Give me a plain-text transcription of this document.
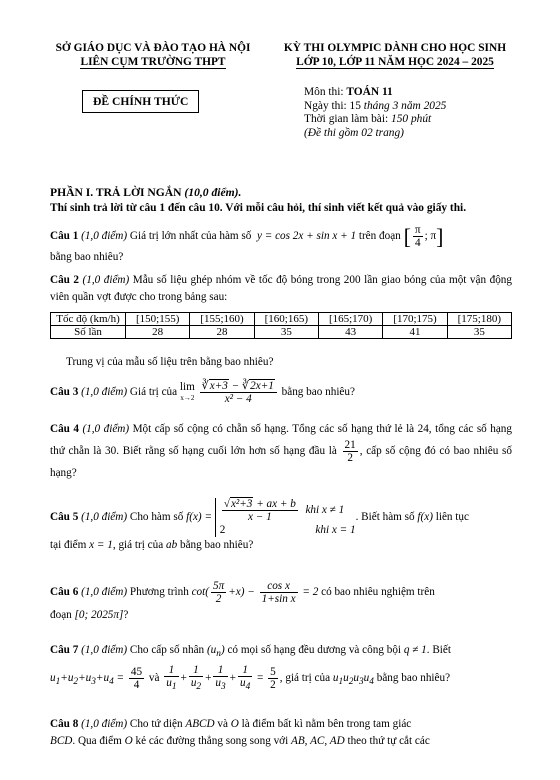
SỞ GIÁO DỤC VÀ ĐÀO TẠO HÀ NỘI
LIÊN CỤM TRƯỜNG THPT
KỲ THI OLYMPIC DÀNH CHO HỌC SINH
LỚP 10, LỚP 11 NĂM HỌC 2024 – 2025
ĐỀ CHÍNH THỨC
Môn thi: TOÁN 11
Ngày thi: 15 tháng 3 năm 2025
Thời gian làm bài: 150 phút
(Đề thi gồm 02 trang)
PHẦN I. TRẢ LỜI NGẮN (10,0 điểm).
Thí sinh trả lời từ câu 1 đến câu 10. Với mỗi câu hỏi, thí sinh viết kết quả vào giấy thi.
Câu 1 (1,0 điểm) Giá trị lớn nhất của hàm số  y = cos 2x + sin x + 1 trên đoạn [ $\frac{\pi}{4}$ ; π]
bằng bao nhiêu?
Câu 2 (1,0 điểm) Mẫu số liệu ghép nhóm về tốc độ bóng trong 200 lần giao bóng của một vận động viên quần vợt được cho trong bảng sau:
Tốc độ (km/h)	[150;155)	[155;160)	[160;165)	[165;170)	[170;175)	[175;180)
Số lần	28	28	35	43	41	35
Trung vị của mẫu số liệu trên bằng bao nhiêu?
Câu 3 (1,0 điểm) Giá trị của lim
$x\to 2 \frac{∛x+3 - ∛2x+1}{\text{x² − 4}}$ bằng bao nhiêu?
Câu 4 (1,0 điểm) Một cấp số cộng có chẵn số hạng. Tổng các số hạng thứ lẻ là 24, tổng các số hạng thứ chẵn là 30. Biết rằng số hạng cuối lớn hơn số hạng đầu là $\frac{21}{2}$ , cấp số cộng đó có bao nhiêu số hạng?
Câu 5 (1,0 điểm) Cho hàm số $f(x) = \frac{\text{√x²+3 + ax + b}}{x - 1}$ khi x ≠ 1
2	khi x = 1. Biết hàm số f(x) liên tục
tại điểm x = 1, giá trị của ab bằng bao nhiêu?
Câu 6 (1,0 điểm) Phương trình $\cot( \frac{5\pi}{2} +x) - \frac{\text{cos x}}{\text{1+sin x}} = 2$ có bao nhiêu nghiệm trên
đoạn [0; 2025π]?
Câu 7 (1,0 điểm) Cho cấp số nhân $(u_n)$ có mọi số hạng đều dương và công bội q ≠ 1. Biết
$u_1+u_2+u_3+u_4 = \frac{45}{4}$ và $\frac{1}{u_1} + \frac{1}{u_2} + \frac{1}{u_3} + \frac{1}{u_4} = \frac{5}{2}$ , giá trị của $u_1u_2u_3u_4$ bằng bao nhiêu?
Câu 8 (1,0 điểm) Cho tứ diện ABCD và O là điểm bất kì nằm bên trong tam giác
BCD. Qua điểm O kẻ các đường thẳng song song với AB, AC, AD theo thứ tự cắt các
